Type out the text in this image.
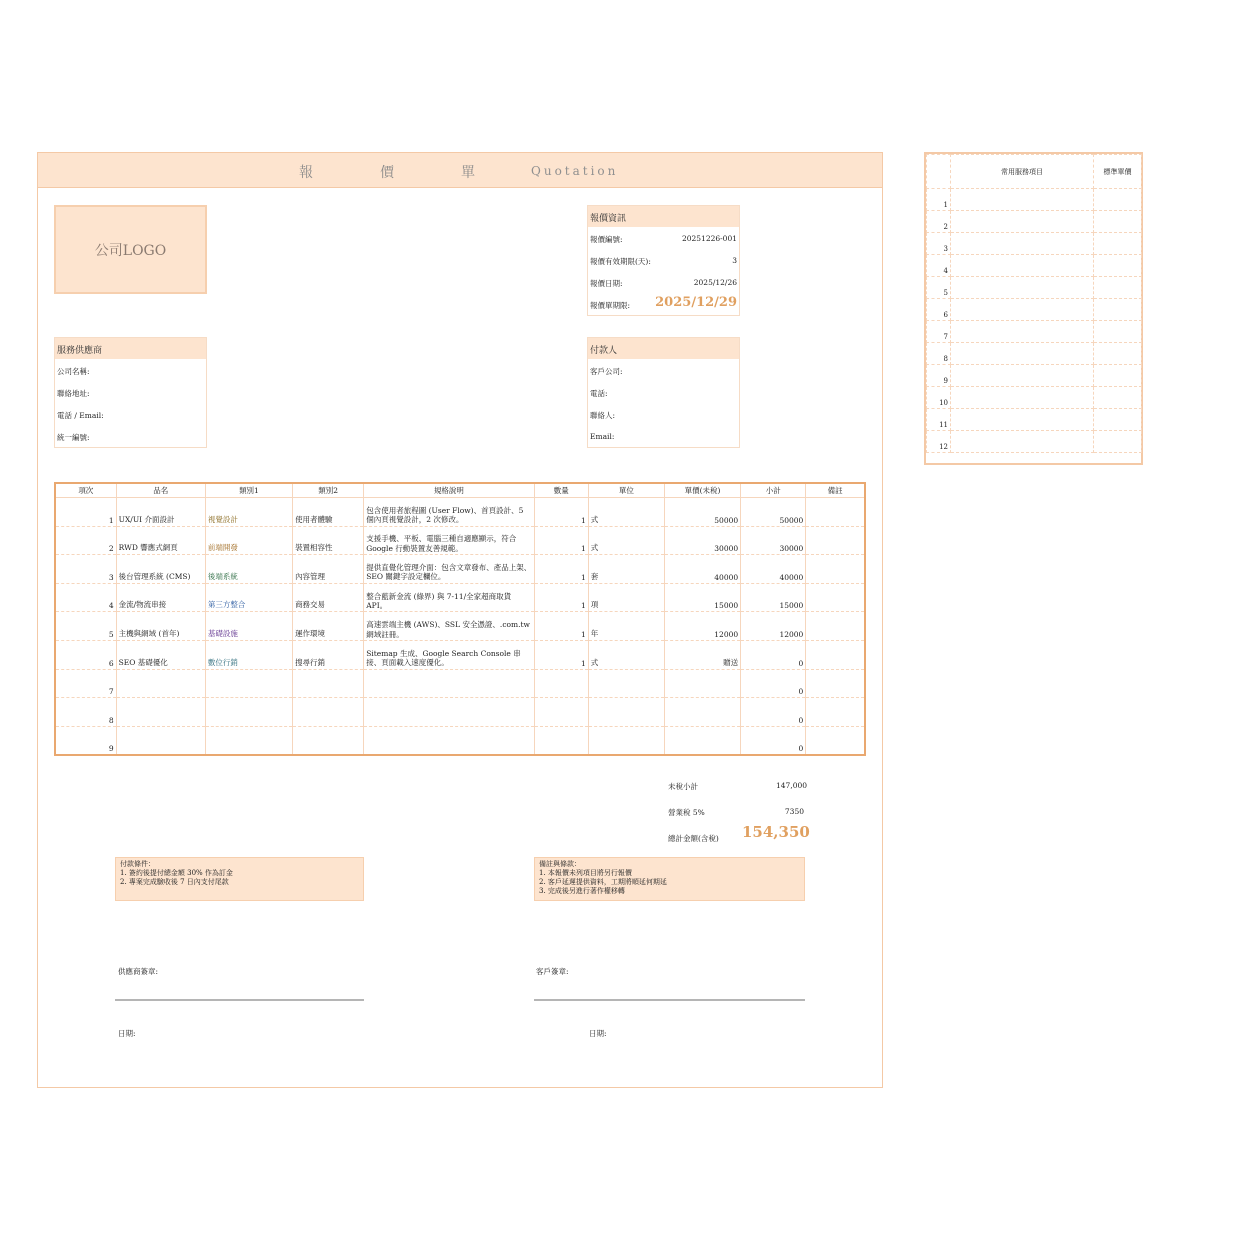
報	價	單	Quotation
公司LOGO
報價資訊
報價編號:	20251226-001
報價有效期限(天):	3
報價日期:	2025/12/26
報價單期限: 2025/12/29
服務供應商
公司名稱:
聯絡地址:
電話 / Email:
統一編號:
付款人
客戶公司:
電話:
聯絡人:
Email:
項次	品名	類別1	類別2	規格說明	數量	單位	單價(未稅)	小計	備註
1	UX/UI 介面設計	視覺設計	使用者體驗	包含使用者旅程圖 (User Flow)、首頁設計、5 個內頁視覺設計，2 次修改。	1	式	50000	50000	
2	RWD 響應式網頁	前端開發	裝置相容性	支援手機、平板、電腦三種自適應顯示，符合 Google 行動裝置友善規範。	1	式	30000	30000	
3	後台管理系統 (CMS)	後端系統	內容管理	提供直覺化管理介面：包含文章發布、產品上架、SEO 關鍵字設定欄位。	1	套	40000	40000	
4	金流/物流串接	第三方整合	商務交易	整合藍新金流 (綠界) 與 7-11/全家超商取貨 API。	1	項	15000	15000	
5	主機與網域 (首年)	基礎設施	運作環境	高速雲端主機 (AWS)、SSL 安全憑證、.com.tw 網域註冊。	1	年	12000	12000	
6	SEO 基礎優化	數位行銷	搜尋行銷	Sitemap 生成、Google Search Console 串接、頁面載入速度優化。	1	式	贈送	0	
7								0	
8								0	
9								0	
未稅小計	147,000
營業稅 5%	7350
總計金額(含稅) 154,350
付款條件：
1. 簽約後提付總金額 30% 作為訂金
2. 專案完成驗收後 7 日內支付尾款
備註與條款：
1. 本報價未列項目將另行報價
2. 客戶延遲提供資料，工期將順延何期延
3. 完成後另進行著作權移轉
供應商簽章:	客戶簽章:
日期:	日期:
	常用服務項目	標準單價
1		
2		
3		
4		
5		
6		
7		
8		
9		
10		
11		
12		
